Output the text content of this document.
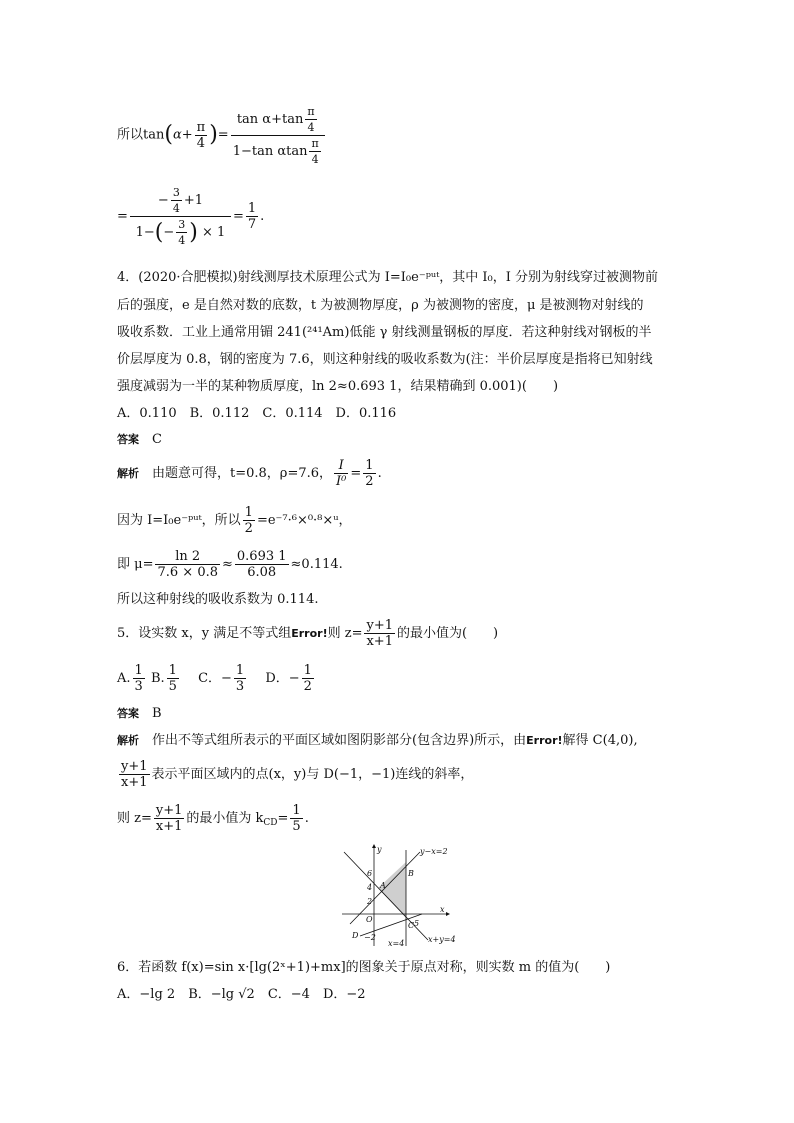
所以$\tan(\alpha+ \frac{\pi}{4}$ )= $\frac{\tan \alpha+\tan \frac{\pi}{4}}{1-\tan \alpha\tan \frac{\pi}{4}}$
= $\frac{- \frac{3}{4} +1}{1-(- \frac{3}{4} ) \times 1} = \frac{1}{7}$ .
4．(2020·合肥模拟)射线测厚技术原理公式为 I=I₀e⁻ᵖᵘᵗ，其中 I₀，I 分别为射线穿过被测物前
后的强度，e 是自然对数的底数，t 为被测物厚度，ρ 为被测物的密度，μ 是被测物对射线的
吸收系数．工业上通常用镅 241(²⁴¹Am)低能 γ 射线测量钢板的厚度．若这种射线对钢板的半
价层厚度为 0.8，钢的密度为 7.6，则这种射线的吸收系数为(注：半价层厚度是指将已知射线
强度减弱为一半的某种物质厚度，ln 2≈0.693 1，结果精确到 0.001)(　　)
A．0.110　B．0.112　C．0.114　D．0.116
答案　 C
解析　 由题意可得，t=0.8，ρ=7.6， $\frac{I}{\text{I⁰}} = \frac{1}{2}$ .
因为 I=I₀e⁻ᵖᵘᵗ，所以 $\frac{1}{2}$ =e⁻⁷·⁶×⁰·⁸×ᵘ，
即 $\mu= \frac{\ln 2}{7.6 \times 0.8} \approx \frac{0.693 1}{6.08} \approx 0.114$.
所以这种射线的吸收系数为 0.114.
5．设实数 x，y 满足不等式组Error!则 $z= \frac{y+1}{x+1}$ 的最小值为(　　)
A. $\frac{1}{3} B$. $\frac{1}{5}$
　 C．− $\frac{1}{3}$
　 D．− $\frac{1}{2}$
答案　 B
解析　 作出不等式组所表示的平面区域如图阴影部分(包含边界)所示，由Error!解得 C(4,0),
$\frac{y+1}{x+1}$ 表示平面区域内的点(x，y)与 D(−1，−1)连线的斜率，
则 $z= \frac{y+1}{x+1}$ 的最小值为 $k_{CD}= \frac{1}{5}$ .
y−x=2
x+y=4
x=4
y
x
O
A
B
C
D
6
4
2
−2
5
6．若函数 f(x)=sin x·[lg(2ˣ+1)+mx]的图象关于原点对称，则实数 m 的值为(　　)
A．−lg 2　 B．−lg √2　 C．−4　 D．−2
